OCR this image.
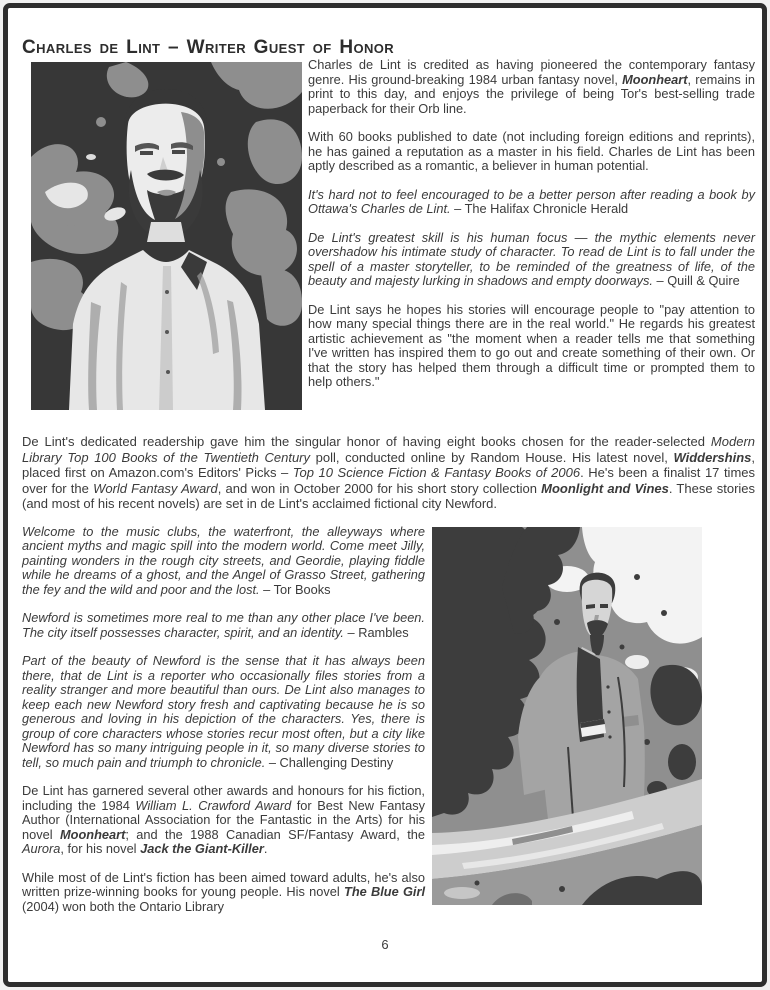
Charles de Lint – Writer Guest of Honor

Charles de Lint is credited as having pioneered the contemporary fantasy genre. His ground-breaking 1984 urban fantasy novel, Moonheart, remains in print to this day, and enjoys the privilege of being Tor's best-selling trade paperback for their Orb line.

With 60 books published to date (not including foreign editions and reprints), he has gained a reputation as a master in his field. Charles de Lint has been aptly described as a romantic, a believer in human potential.

It's hard not to feel encouraged to be a better person after reading a book by Ottawa's Charles de Lint. – The Halifax Chronicle Herald

De Lint's greatest skill is his human focus — the mythic elements never overshadow his intimate study of character. To read de Lint is to fall under the spell of a master storyteller, to be reminded of the greatness of life, of the beauty and majesty lurking in shadows and empty doorways. – Quill & Quire

De Lint says he hopes his stories will encourage people to "pay attention to how many special things there are in the real world." He regards his greatest artistic achievement as "the moment when a reader tells me that something I've written has inspired them to go out and create something of their own. Or that the story has helped them through a difficult time or prompted them to help others."

De Lint's dedicated readership gave him the singular honor of having eight books chosen for the reader-selected Modern Library Top 100 Books of the Twentieth Century poll, conducted online by Random House. His latest novel, Widdershins, placed first on Amazon.com's Editors' Picks – Top 10 Science Fiction & Fantasy Books of 2006. He's been a finalist 17 times over for the World Fantasy Award, and won in October 2000 for his short story collection Moonlight and Vines. These stories (and most of his recent novels) are set in de Lint's acclaimed fictional city Newford.

Welcome to the music clubs, the waterfront, the alleyways where ancient myths and magic spill into the modern world. Come meet Jilly, painting wonders in the rough city streets, and Geordie, playing fiddle while he dreams of a ghost, and the Angel of Grasso Street, gathering the fey and the wild and poor and the lost. – Tor Books

Newford is sometimes more real to me than any other place I've been. The city itself possesses character, spirit, and an identity. – Rambles

Part of the beauty of Newford is the sense that it has always been there, that de Lint is a reporter who occasionally files stories from a reality stranger and more beautiful than ours. De Lint also manages to keep each new Newford story fresh and captivating because he is so generous and loving in his depiction of the characters. Yes, there is group of core characters whose stories recur most often, but a city like Newford has so many intriguing people in it, so many diverse stories to tell, so much pain and triumph to chronicle. – Challenging Destiny

De Lint has garnered several other awards and honours for his fiction, including the 1984 William L. Crawford Award for Best New Fantasy Author (International Association for the Fantastic in the Arts) for his novel Moonheart; and the 1988 Canadian SF/Fantasy Award, the Aurora, for his novel Jack the Giant-Killer.

While most of de Lint's fiction has been aimed toward adults, he's also written prize-winning books for young people. His novel The Blue Girl (2004) won both the Ontario Library

6
